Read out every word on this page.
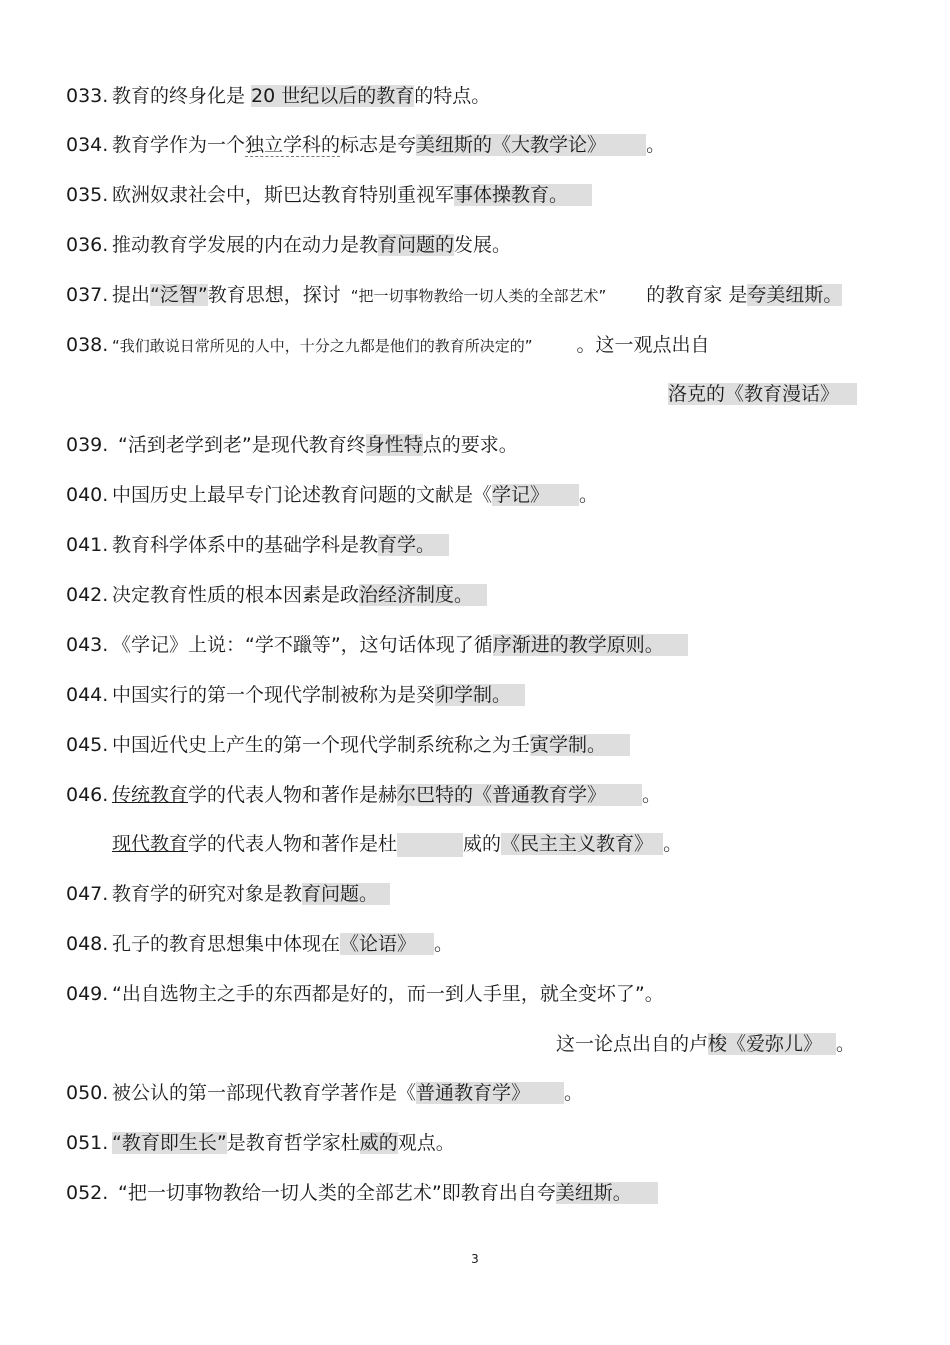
033. 教育的终身化是 20 世纪以后的教育的特点。
034. 教育学作为一个独立学科的标志是夸美纽斯的《大教学论》 。
035. 欧洲奴隶社会中，斯巴达教育特别重视军事体操教育。
036. 推动教育学发展的内在动力是教育问题的发展。
037. 提出“泛智”教育思想，探讨 “把一切事物教给一切人类的全部艺术” 的教育家 是夸美纽斯。
038. “我们敢说日常所见的人中，十分之九都是他们的教育所决定的” 。这一观点出自
洛克的《教育漫话》
039. “活到老学到老”是现代教育终身性特点的要求。
040. 中国历史上最早专门论述教育问题的文献是《学记》 。
041. 教育科学体系中的基础学科是教育学。
042. 决定教育性质的根本因素是政治经济制度。
043. 《学记》上说：“学不躐等”，这句话体现了循序渐进的教学原则。
044. 中国实行的第一个现代学制被称为是癸卯学制。
045. 中国近代史上产生的第一个现代学制系统称之为壬寅学制。
046. 传统教育学的代表人物和著作是赫尔巴特的《普通教育学》 。
现代教育学的代表人物和著作是杜	威的《民主主义教育》 。
047. 教育学的研究对象是教育问题。
048. 孔子的教育思想集中体现在《论语》 。
049. “出自选物主之手的东西都是好的，而一到人手里，就全变坏了”。
这一论点出自的卢梭《爱弥儿》 。
050. 被公认的第一部现代教育学著作是《普通教育学》 。
051. “教育即生长”是教育哲学家杜威的观点。
052. “把一切事物教给一切人类的全部艺术”即教育出自夸美纽斯。
3
